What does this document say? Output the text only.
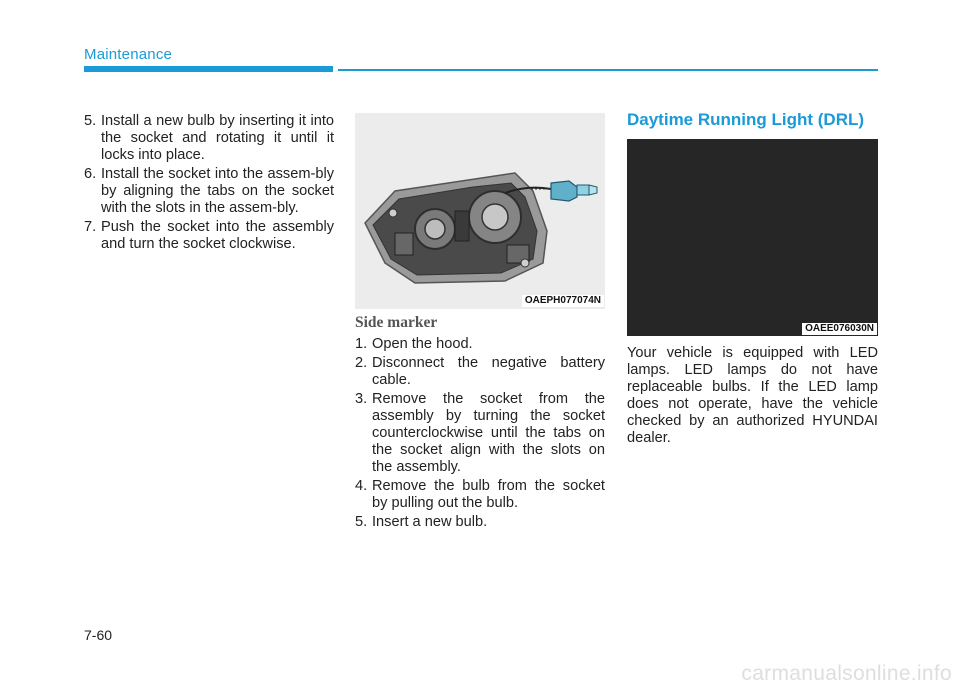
Maintenance
5. Install a new bulb by inserting it into the socket and rotating it until it locks into place.
6. Install the socket into the assem-bly by aligning the tabs on the socket with the slots in the assem-bly.
7. Push the socket into the assembly and turn the socket clockwise.
OAEPH077074N
Side marker
1. Open the hood.
2. Disconnect the negative battery cable.
3. Remove the socket from the assembly by turning the socket counterclockwise until the tabs on the socket align with the slots on the assembly.
4. Remove the bulb from the socket by pulling out the bulb.
5. Insert a new bulb.
Daytime Running Light (DRL)
OAEE076030N

Your vehicle is equipped with LED lamps. LED lamps do not have replaceable bulbs. If the LED lamp does not operate, have the vehicle checked by an authorized HYUNDAI dealer.

7-60
carmanualsonline.info
